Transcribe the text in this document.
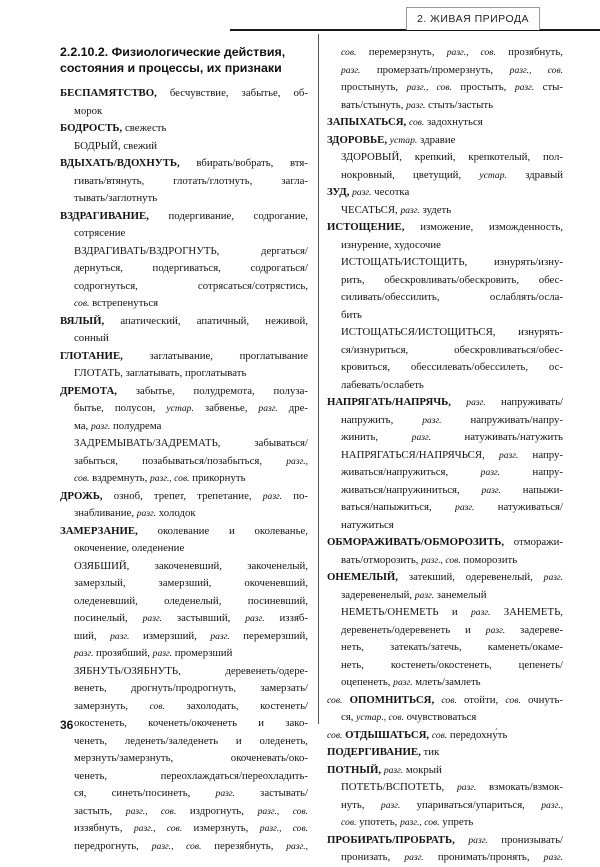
2. ЖИВАЯ ПРИРОДА
2.2.10.2. Физиологические действия,
состояния и процессы, их признаки
БЕСПАМЯТСТВО, бесчувствие, забытье, об-
морок
БОДРОСТЬ, свежесть
БОДРЫЙ, свежий
ВДЫХАТЬ/ВДОХНУТЬ, вбирать/вобрать, втя-
гивать/втянуть, глотать/глотнуть, загла-
тывать/заглотнуть
ВЗДРАГИВАНИЕ, подергивание, содрогание,
сотрясение
ВЗДРАГИВАТЬ/ВЗДРОГНУТЬ, дергаться/
дернуться, подергиваться, содрогаться/
содрогнуться, сотрясаться/сотрястись,
сов. встрепенуться
ВЯЛЫЙ, апатический, апатичный, неживой,
сонный
ГЛОТАНИЕ, заглатывание, проглатывание
ГЛОТАТЬ, заглатывать, проглатывать
ДРЕМОТА, забытье, полудремота, полуза-
бытье, полусон, устар. забвенье, разг. дре-
ма, разг. полудрема
ЗАДРЕМЫВАТЬ/ЗАДРЕМАТЬ, забываться/
забыться, позабываться/позабыться, разг.,
сов. вздремнуть, разг., сов. прикорнуть
ДРОЖЬ, озноб, трепет, трепетание, разг. по-
знабливание, разг. холодок
ЗАМЕРЗАНИЕ, околевание и околеванье,
окоченение, оледенение
ОЗЯБШИЙ, закоченевший, закоченелый,
замерзлый, замерзший, окоченевший,
оледеневший, оледенелый, посиневший,
посинелый, разг. застывший, разг. иззяб-
ший, разг. измерзший, разг. перемерзший,
разг. прозябший, разг. промерзший
ЗЯБНУТЬ/ОЗЯБНУТЬ, деревенеть/одере-
венеть, дрогнуть/продрогнуть, замерзать/
замерзнуть, сов. захолодать, костенеть/
окостенеть, коченеть/окоченеть и зако-
ченеть, леденеть/заледенеть и оледенеть,
мерзнуть/замерзнуть, окоченевать/око-
ченеть, переохлаждаться/переохладить-
ся, синеть/посинеть, разг. застывать/
застыть, разг., сов. издрогнуть, разг., сов.
иззябнуть, разг., сов. измерзнуть, разг., сов.
передрогнуть, разг., сов. перезябнуть, разг.,
сов. перемерзнуть, разг., сов. прозябнуть,
разг. промерзать/промерзнуть, разг., сов.
простынуть, разг., сов. простыть, разг. сты-
вать/стынуть, разг. стыть/застыть
ЗАПЫХАТЬСЯ, сов. задохнуться
ЗДОРОВЬЕ, устар. здравие
ЗДОРОВЫЙ, крепкий, крепкотелый, пол-
нокровный, цветущий, устар. здравый
ЗУД, разг. чесотка
ЧЕСАТЬСЯ, разг. зудеть
ИСТОЩЕНИЕ, изможение, изможденность,
изнурение, худосочие
ИСТОЩАТЬ/ИСТОЩИТЬ, изнурять/изну-
рить, обескровливать/обескровить, обес-
силивать/обессилить, ослаблять/осла-
бить
ИСТОЩАТЬСЯ/ИСТОЩИТЬСЯ, изнурять-
ся/изнуриться, обескровливаться/обес-
кровиться, обессилевать/обессилеть, ос-
лабевать/ослабеть
НАПРЯГАТЬ/НАПРЯЧЬ, разг. напруживать/
напружить, разг. напруживать/напру-
жинить, разг. натуживать/натужить
НАПРЯГАТЬСЯ/НАПРЯЧЬСЯ, разг. напру-
живаться/напружиться, разг. напру-
живаться/напружиниться, разг. напыжи-
ваться/напыжиться, разг. натуживаться/
натужиться
ОБМОРАЖИВАТЬ/ОБМОРОЗИТЬ, отморажи-
вать/отморозить, разг., сов. поморозить
ОНЕМЕЛЫЙ, затекший, одеревенелый, разг.
задеревенелый, разг. занемелый
НЕМЕТЬ/ОНЕМЕТЬ и разг. ЗАНЕМЕТЬ,
деревенеть/одеревенеть и разг. задереве-
неть, затекать/затечь, каменеть/окаме-
неть, костенеть/окостенеть, цепенеть/
оцепенеть, разг. млеть/замлеть
сов. ОПОМНИТЬСЯ, сов. отойти, сов. очнуть-
ся, устар., сов. очувствоваться
сов. ОТДЫШАТЬСЯ, сов. передохну́ть
ПОДЕРГИВАНИЕ, тик
ПОТНЫЙ, разг. мокрый
ПОТЕТЬ/ВСПОТЕТЬ, разг. взмокать/взмок-
нуть, разг. упариваться/упариться, разг.,
сов. употеть, разг., сов. упреть
ПРОБИРАТЬ/ПРОБРАТЬ, разг. пронизывать/
пронизать, разг. пронимать/пронять, разг.
36
